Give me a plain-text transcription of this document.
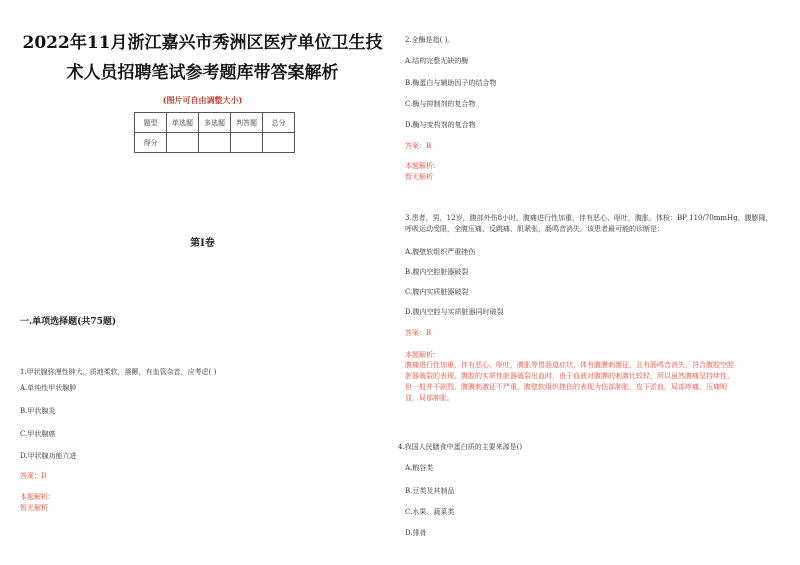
2022年11月浙江嘉兴市秀洲区医疗单位卫生技
术人员招聘笔试参考题库带答案解析
(图片可自由调整大小)
题型	单选题	多选题	判答题	总分
得分				
第I卷
一.单项选择题(共75题)
1.甲状腺弥漫性肿大，质地柔软，震颤，有血管杂音，应考虑( )
A.单纯性甲状腺肿
B.甲状腺炎
C.甲状腺癌
D.甲状腺功能亢进
答案：D
本题解析：
暂无解析
2.全酶是指( )。
A.结构完整无缺的酶
B.酶蛋白与辅助因子的结合物
C.酶与抑制剂的复合物
D.酶与变构剂的复合物
答案：B
本题解析：
暂无解析
3.患者，男，12岁，腹部外伤8小时，腹痛进行性加重，伴有恶心、呕吐，腹胀。体检：BP 110/70mmHg，腹膨隆，呼吸运动受限，全腹压痛、反跳痛、肌紧张，肠鸣音消失。该患者最可能的诊断是：
A.腹壁软组织严重挫伤
B.腹内空腔脏器破裂
C.腹内实质脏器破裂
D.腹内空腔与实质脏器同时破裂
答案：B
本题解析：
腹痛进行性加重，伴有恶心、呕吐，腹胀等胃肠道症状，体有腹膜刺激征，且有肠鸣音消失，符合腹腔空腔脏器破裂的表现。腹腔的实质性脏器破裂出血时，由于血液对腹膜的刺激比较轻，所以虽然腹痛呈持续性，但一般并不剧烈，腹膜刺激征不严重。腹壁软组织挫伤的表现为伤部肿胀，皮下淤血，局部疼痛，压痛明显，局部肿胀。
4.我国人民膳食中蛋白质的主要来源是()
A.粮谷类
B.豆类及其制品
C.水果、蔬菜类
D.排骨
